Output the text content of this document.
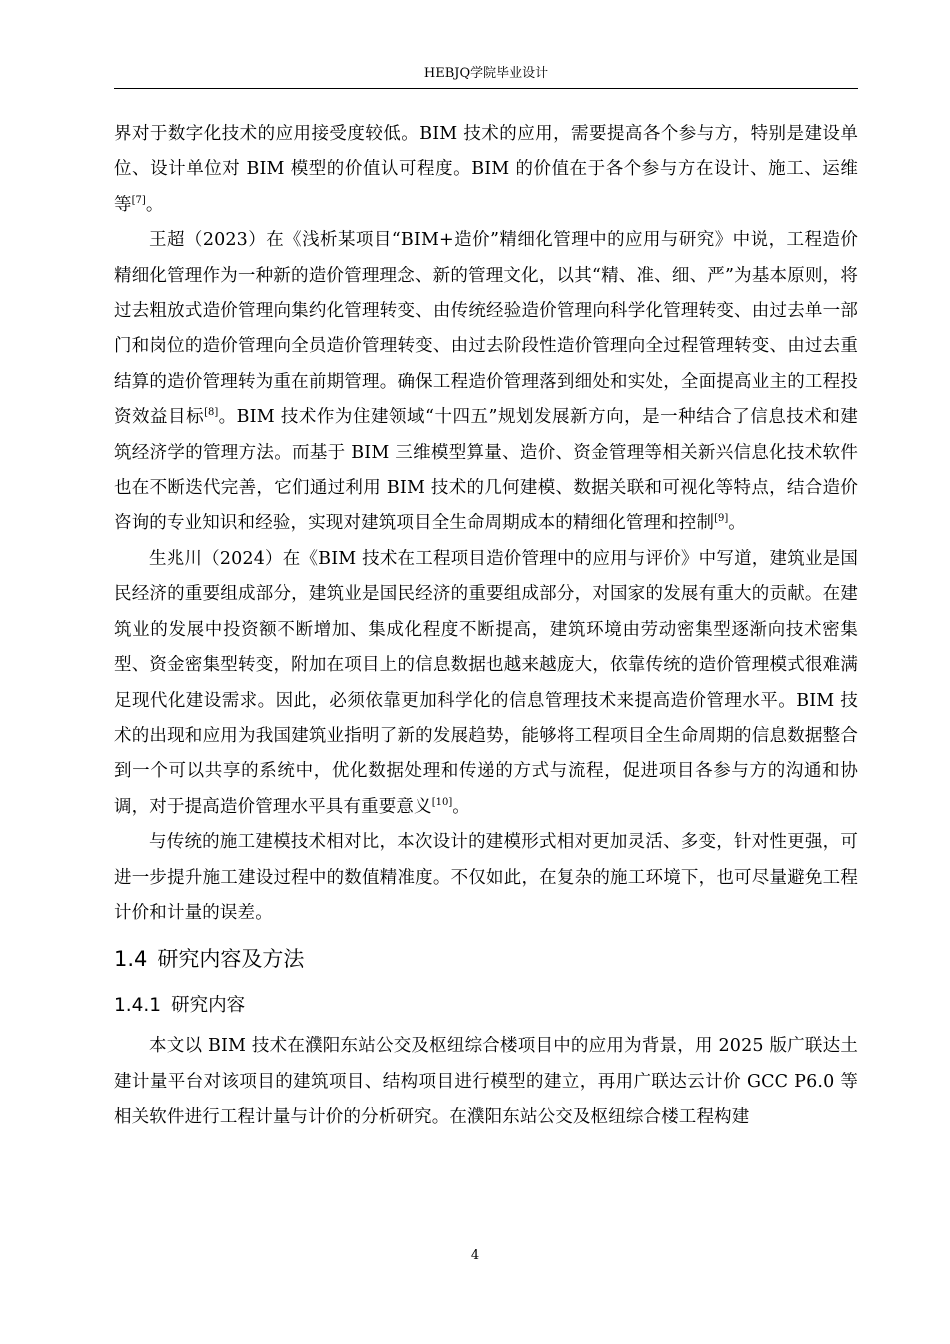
HEBJQ学院毕业设计

界对于数字化技术的应用接受度较低。BIM 技术的应用，需要提高各个参与方，特别是建设单位、设计单位对 BIM 模型的价值认可程度。BIM 的价值在于各个参与方在设计、施工、运维等[7]。

王超（2023）在《浅析某项目“BIM+造价”精细化管理中的应用与研究》中说，工程造价精细化管理作为一种新的造价管理理念、新的管理文化，以其“精、准、细、严”为基本原则，将过去粗放式造价管理向集约化管理转变、由传统经验造价管理向科学化管理转变、由过去单一部门和岗位的造价管理向全员造价管理转变、由过去阶段性造价管理向全过程管理转变、由过去重结算的造价管理转为重在前期管理。确保工程造价管理落到细处和实处，全面提高业主的工程投资效益目标[8]。BIM 技术作为住建领域“十四五”规划发展新方向，是一种结合了信息技术和建筑经济学的管理方法。而基于 BIM 三维模型算量、造价、资金管理等相关新兴信息化技术软件也在不断迭代完善，它们通过利用 BIM 技术的几何建模、数据关联和可视化等特点，结合造价咨询的专业知识和经验，实现对建筑项目全生命周期成本的精细化管理和控制[9]。

生兆川（2024）在《BIM 技术在工程项目造价管理中的应用与评价》中写道，建筑业是国民经济的重要组成部分，建筑业是国民经济的重要组成部分，对国家的发展有重大的贡献。在建筑业的发展中投资额不断增加、集成化程度不断提高，建筑环境由劳动密集型逐渐向技术密集型、资金密集型转变，附加在项目上的信息数据也越来越庞大，依靠传统的造价管理模式很难满足现代化建设需求。因此，必须依靠更加科学化的信息管理技术来提高造价管理水平。BIM 技术的出现和应用为我国建筑业指明了新的发展趋势，能够将工程项目全生命周期的信息数据整合到一个可以共享的系统中，优化数据处理和传递的方式与流程，促进项目各参与方的沟通和协调，对于提高造价管理水平具有重要意义[10]。

与传统的施工建模技术相对比，本次设计的建模形式相对更加灵活、多变，针对性更强，可进一步提升施工建设过程中的数值精准度。不仅如此，在复杂的施工环境下，也可尽量避免工程计价和计量的误差。

1.4 研究内容及方法
1.4.1 研究内容

本文以 BIM 技术在濮阳东站公交及枢纽综合楼项目中的应用为背景，用 2025 版广联达土建计量平台对该项目的建筑项目、结构项目进行模型的建立，再用广联达云计价 GCC P6.0 等相关软件进行工程计量与计价的分析研究。在濮阳东站公交及枢纽综合楼工程构建

4
